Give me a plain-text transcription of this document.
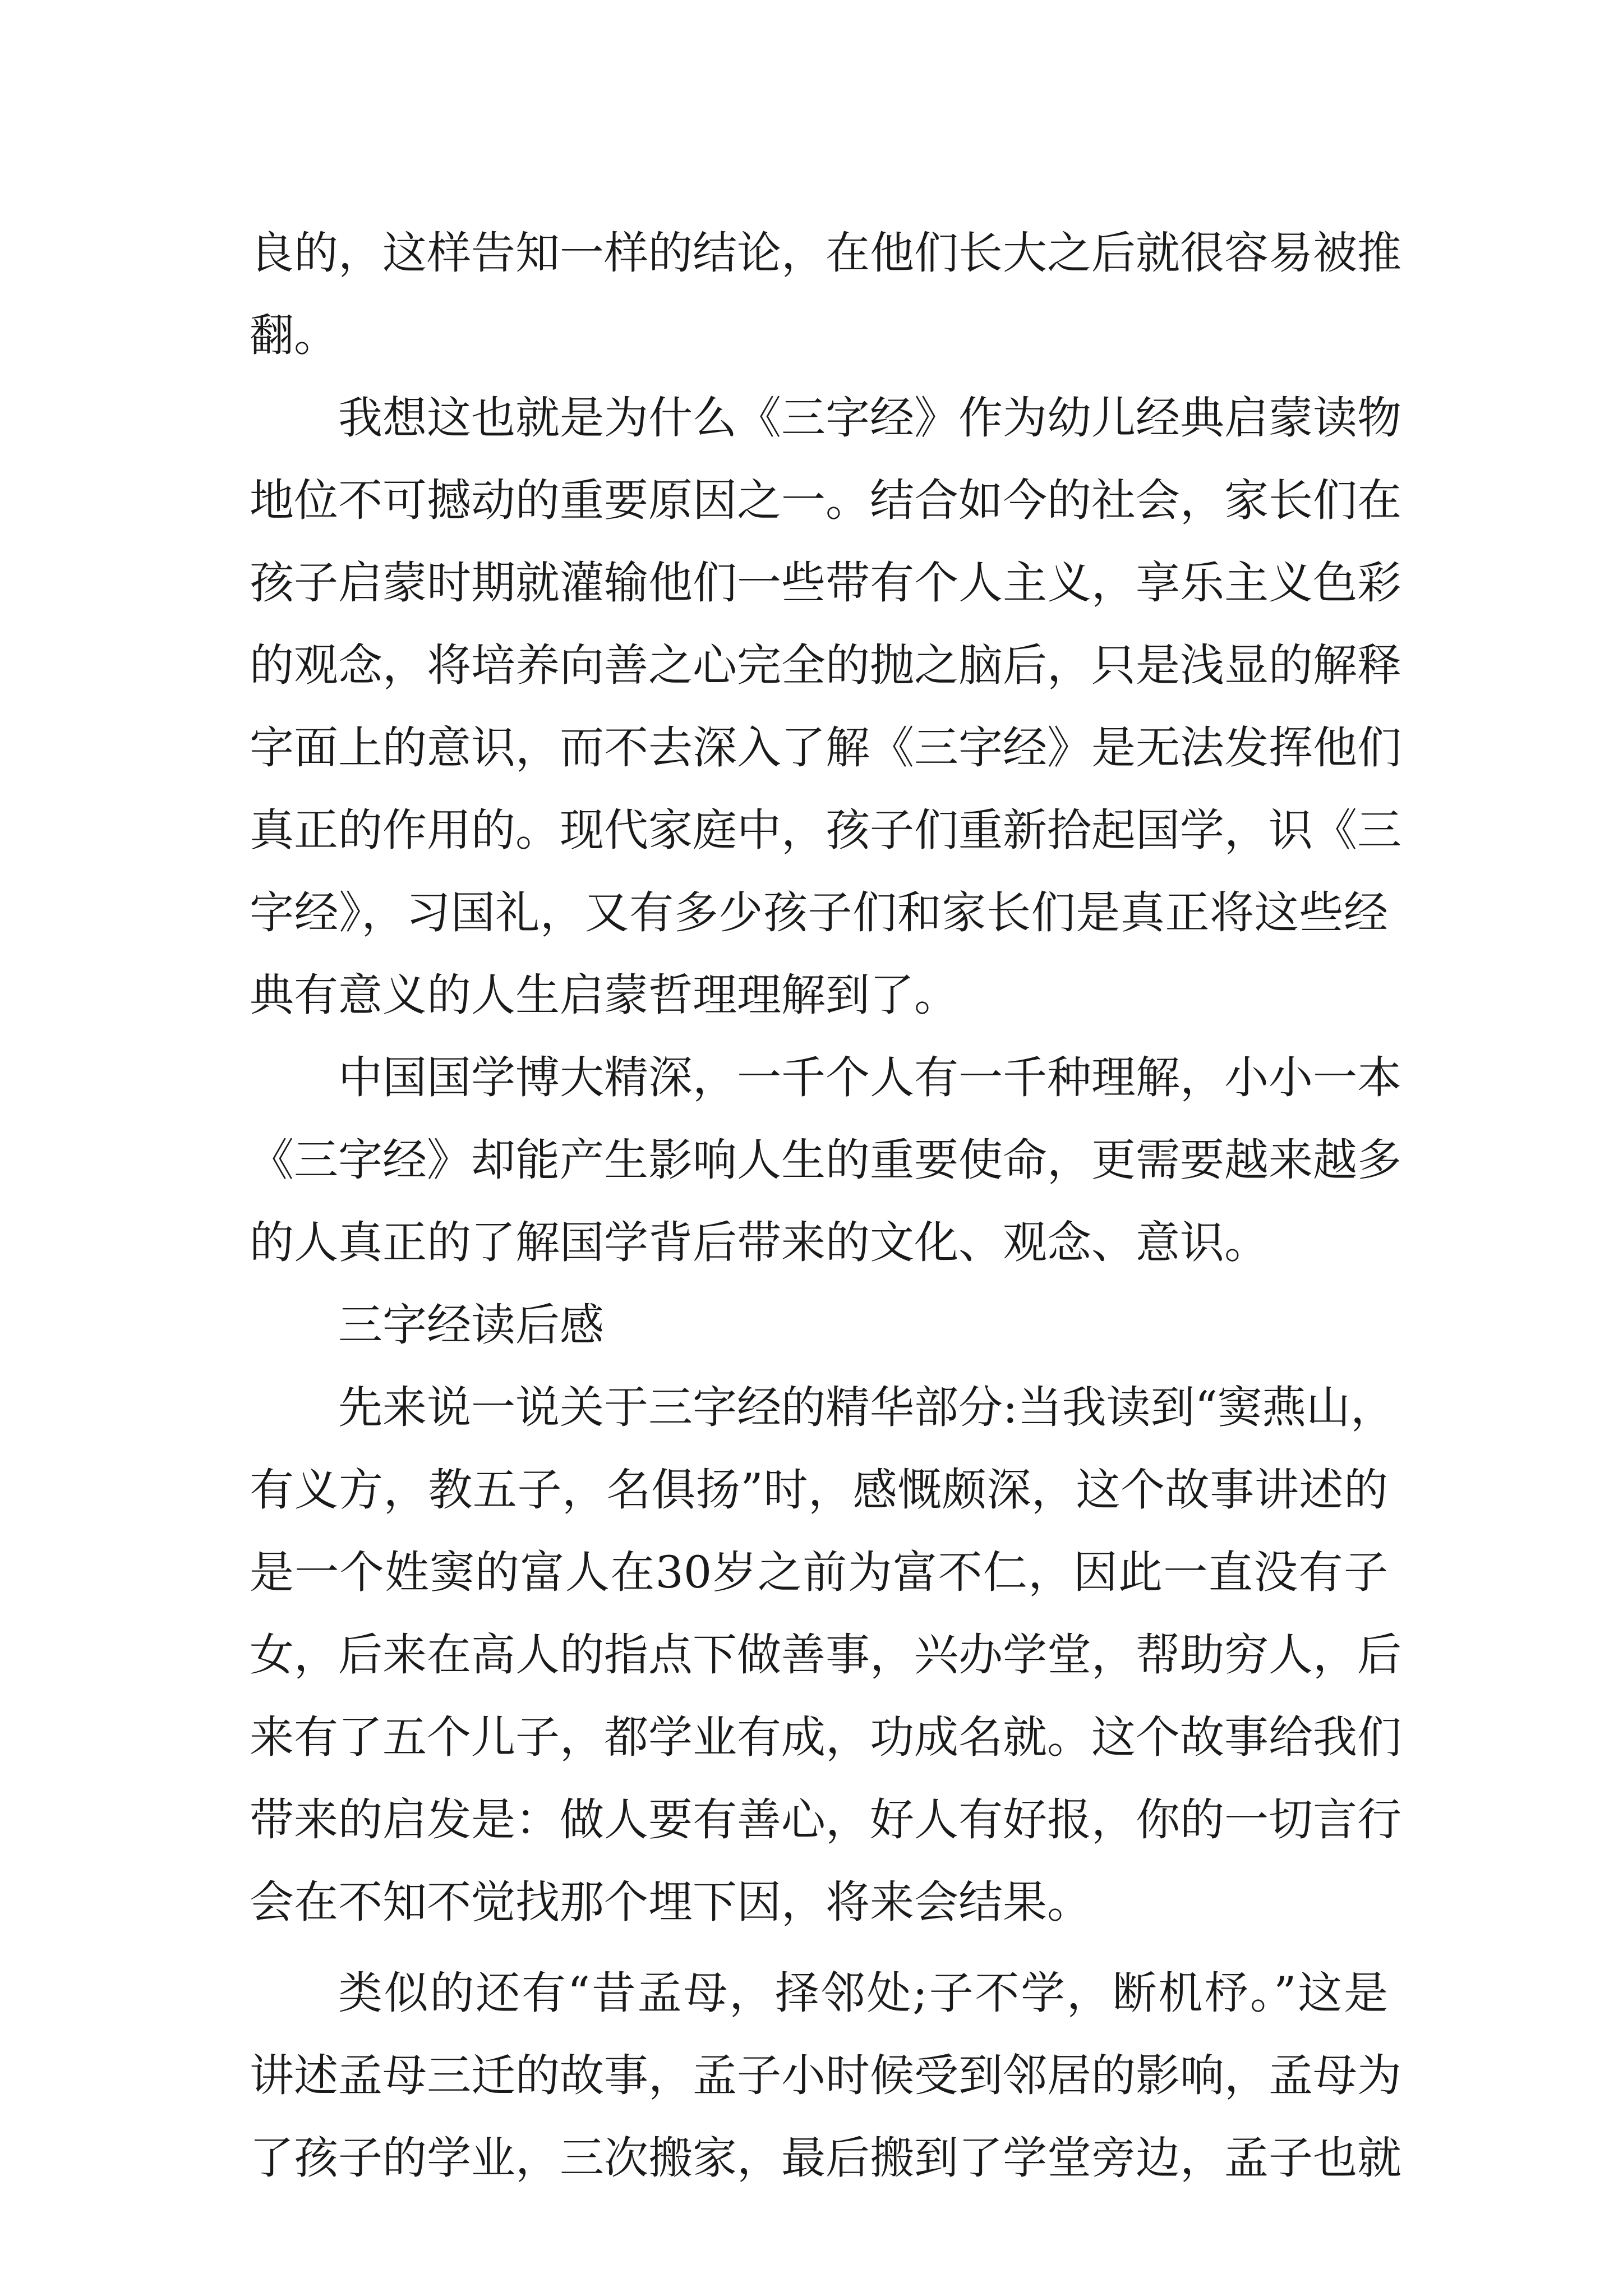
良的，这样告知一样的结论，在他们长大之后就很容易被推
翻。
我想这也就是为什么《三字经》作为幼儿经典启蒙读物
地位不可撼动的重要原因之一。结合如今的社会，家长们在
孩子启蒙时期就灌输他们一些带有个人主义，享乐主义色彩
的观念，将培养向善之心完全的抛之脑后，只是浅显的解释
字面上的意识，而不去深入了解《三字经》是无法发挥他们
真正的作用的。现代家庭中，孩子们重新拾起国学，识《三
字经》，习国礼，又有多少孩子们和家长们是真正将这些经
典有意义的人生启蒙哲理理解到了。
中国国学博大精深，一千个人有一千种理解，小小一本
《三字经》却能产生影响人生的重要使命，更需要越来越多
的人真正的了解国学背后带来的文化、观念、意识。
三字经读后感
先来说一说关于三字经的精华部分:当我读到“窦燕山，
有义方，教五子，名俱扬”时，感慨颇深，这个故事讲述的
是一个姓窦的富人在30岁之前为富不仁，因此一直没有子
女，后来在高人的指点下做善事，兴办学堂，帮助穷人，后
来有了五个儿子，都学业有成，功成名就。这个故事给我们
带来的启发是：做人要有善心，好人有好报，你的一切言行
会在不知不觉找那个埋下因，将来会结果。
类似的还有“昔孟母，择邻处;子不学，断机杼。”这是
讲述孟母三迁的故事，孟子小时候受到邻居的影响，孟母为
了孩子的学业，三次搬家，最后搬到了学堂旁边，孟子也就
